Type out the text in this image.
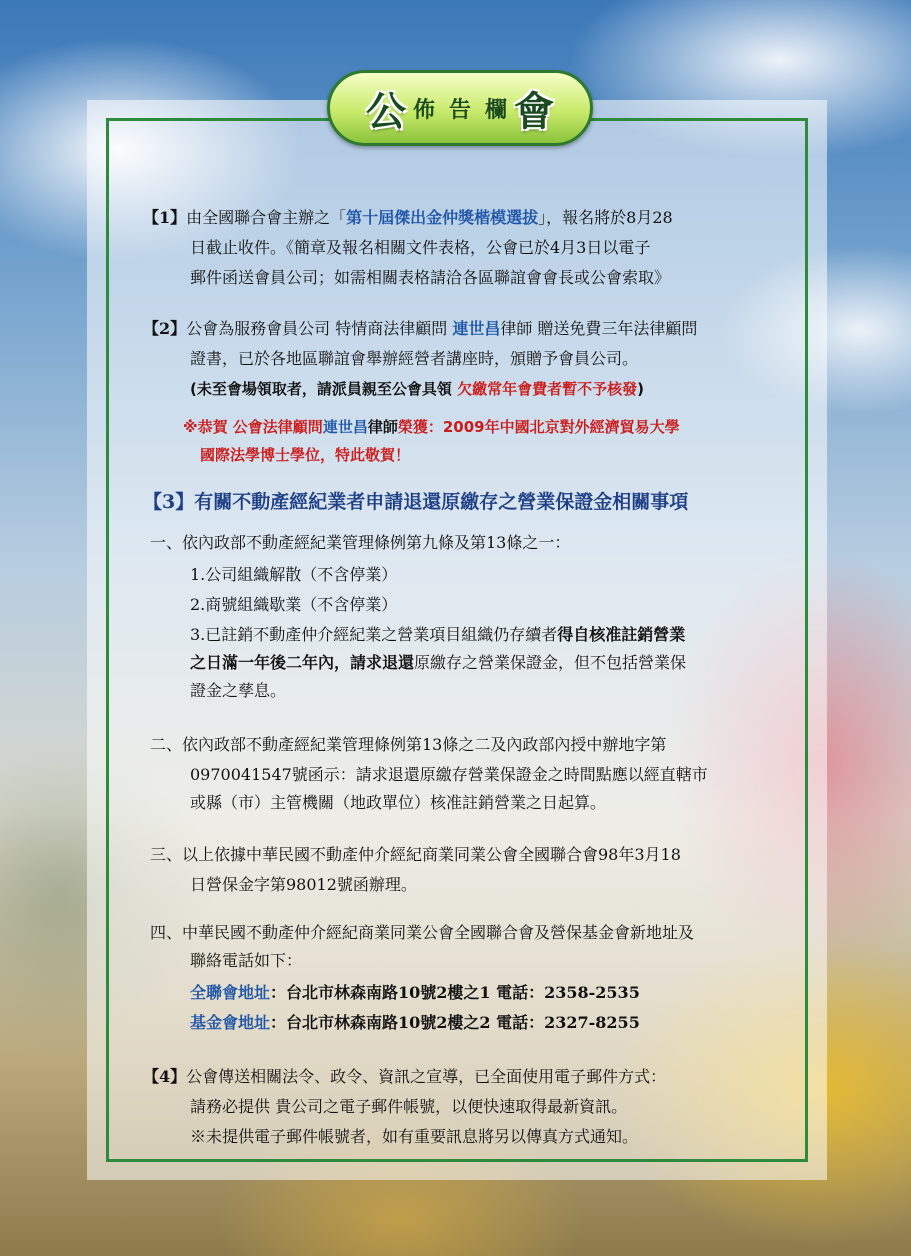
公 佈 告 欄 會
【1】由全國聯合會主辦之「第十屆傑出金仲獎楷模選拔」，報名將於8月28
日截止收件。《簡章及報名相關文件表格，公會已於4月3日以電子
郵件函送會員公司；如需相關表格請洽各區聯誼會會長或公會索取》
【2】公會為服務會員公司 特情商法律顧問 連世昌律師 贈送免費三年法律顧問
證書，已於各地區聯誼會舉辦經營者講座時，頒贈予會員公司。
(未至會場領取者，請派員親至公會具領 欠繳常年會費者暫不予核發)
※恭賀 公會法律顧問連世昌律師榮獲：2009年中國北京對外經濟貿易大學
國際法學博士學位，特此敬賀！
【3】有關不動產經紀業者申請退還原繳存之營業保證金相關事項
一、依內政部不動產經紀業管理條例第九條及第13條之一：
1.公司組織解散（不含停業）
2.商號組織歇業（不含停業）
3.已註銷不動產仲介經紀業之營業項目組織仍存續者得自核准註銷營業
之日滿一年後二年內，請求退還原繳存之營業保證金，但不包括營業保
證金之孳息。
二、依內政部不動產經紀業管理條例第13條之二及內政部內授中辦地字第
0970041547號函示：請求退還原繳存營業保證金之時間點應以經直轄市
或縣（市）主管機關（地政單位）核准註銷營業之日起算。
三、以上依據中華民國不動產仲介經紀商業同業公會全國聯合會98年3月18
日營保金字第98012號函辦理。
四、中華民國不動產仲介經紀商業同業公會全國聯合會及營保基金會新地址及
聯絡電話如下：
全聯會地址：台北市林森南路10號2樓之1 電話：2358-2535
基金會地址：台北市林森南路10號2樓之2 電話：2327-8255
【4】公會傳送相關法令、政令、資訊之宣導，已全面使用電子郵件方式：
請務必提供 貴公司之電子郵件帳號，以便快速取得最新資訊。
※未提供電子郵件帳號者，如有重要訊息將另以傳真方式通知。
